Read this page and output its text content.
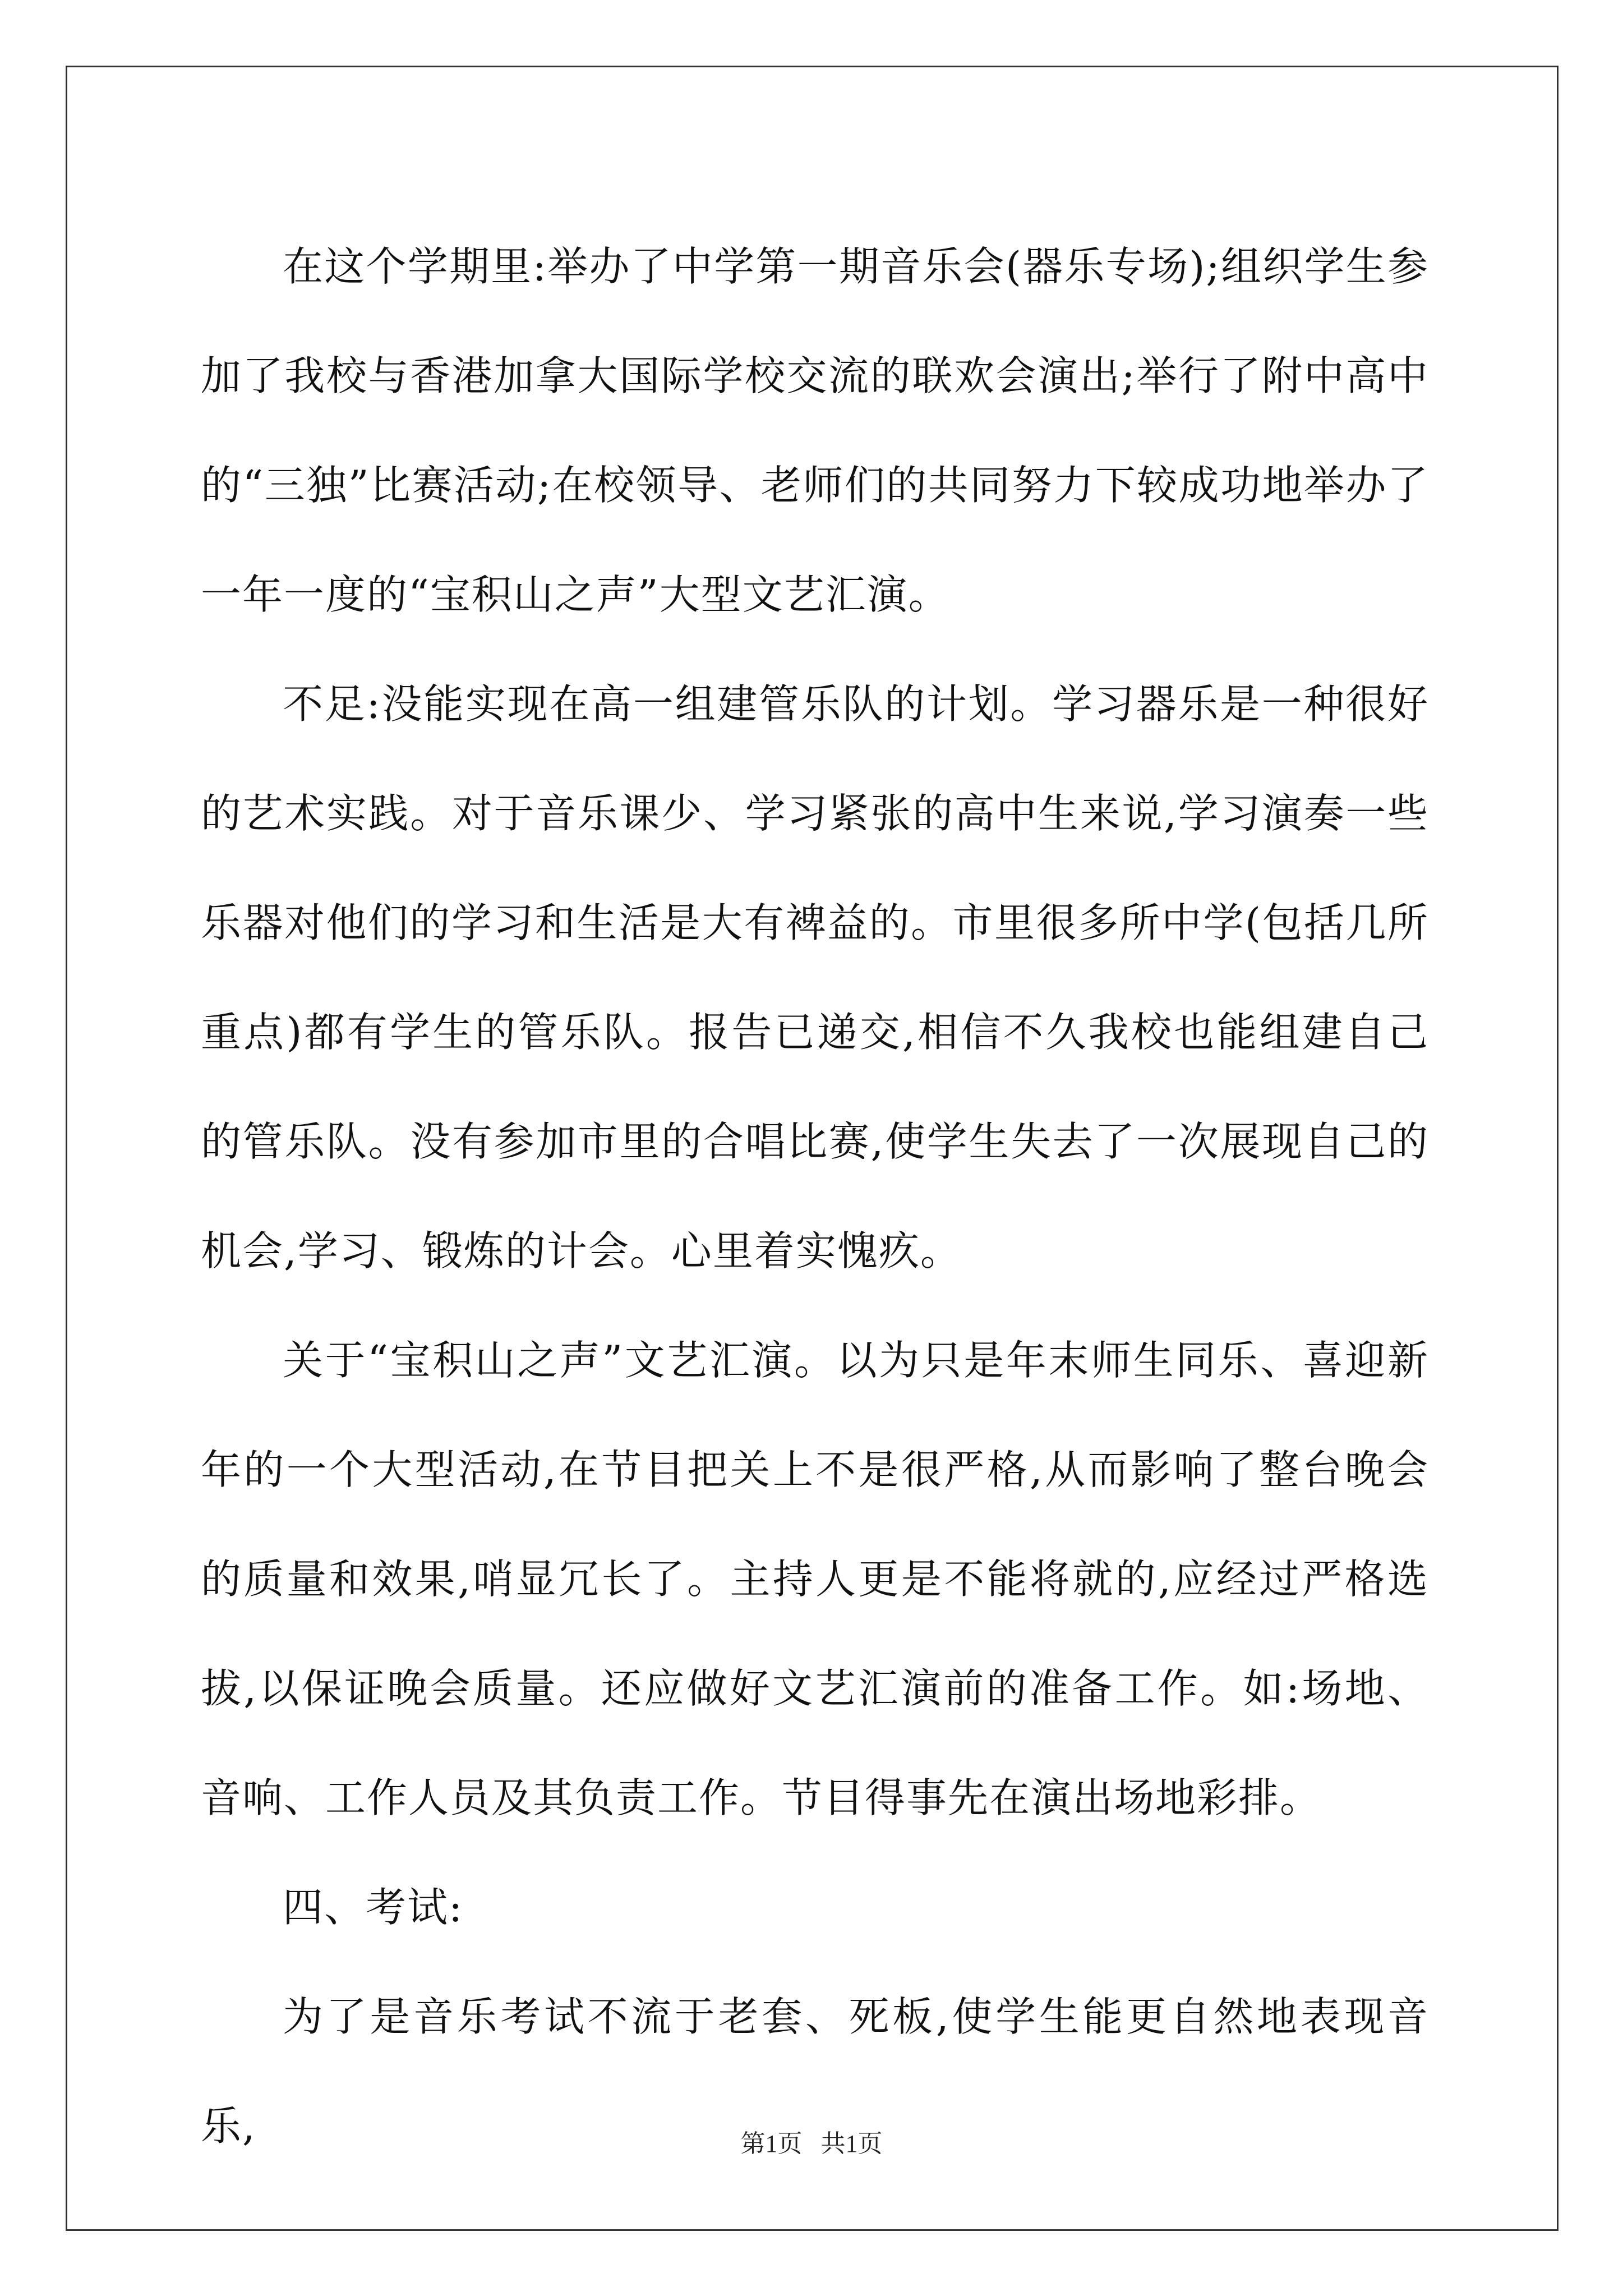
在这个学期里:举办了中学第一期音乐会(器乐专场);组织学生参加了我校与香港加拿大国际学校交流的联欢会演出;举行了附中高中的“三独”比赛活动;在校领导、老师们的共同努力下较成功地举办了一年一度的“宝积山之声”大型文艺汇演。

不足:没能实现在高一组建管乐队的计划。学习器乐是一种很好的艺术实践。对于音乐课少、学习紧张的高中生来说,学习演奏一些乐器对他们的学习和生活是大有裨益的。市里很多所中学(包括几所重点)都有学生的管乐队。报告已递交,相信不久我校也能组建自己的管乐队。没有参加市里的合唱比赛,使学生失去了一次展现自己的机会,学习、锻炼的计会。心里着实愧疚。

关于“宝积山之声”文艺汇演。以为只是年末师生同乐、喜迎新年的一个大型活动,在节目把关上不是很严格,从而影响了整台晚会的质量和效果,哨显冗长了。主持人更是不能将就的,应经过严格选拔,以保证晚会质量。还应做好文艺汇演前的准备工作。如:场地、音响、工作人员及其负责工作。节目得事先在演出场地彩排。

四、考试:

为了是音乐考试不流于老套、死板,使学生能更自然地表现音乐,	第1页 共1页
